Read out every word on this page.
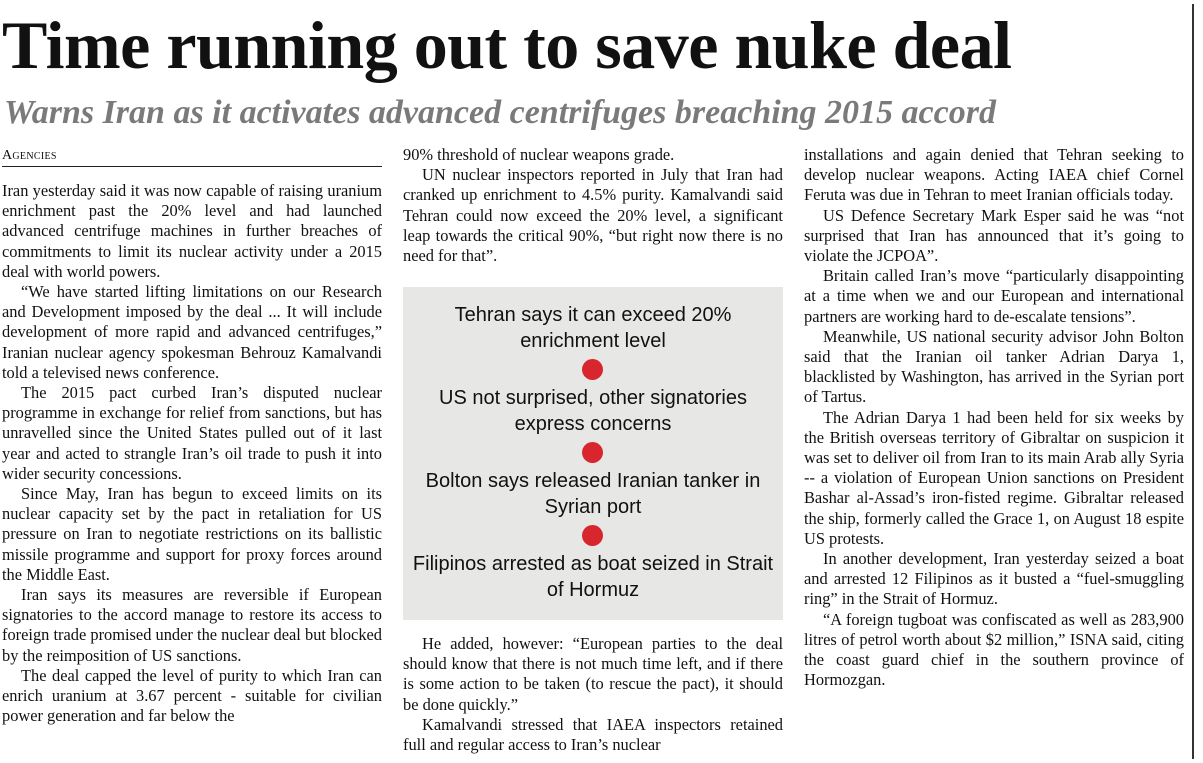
Time running out to save nuke deal
Warns Iran as it activates advanced centrifuges breaching 2015 accord
Agencies

Iran yesterday said it was now capable of raising uranium enrichment past the 20% level and had launched advanced centrifuge machines in further breaches of commitments to limit its nuclear activity under a 2015 deal with world powers.

“We have started lifting limitations on our Research and Development imposed by the deal ... It will include development of more rapid and advanced centrifuges,” Iranian nuclear agency spokesman Behrouz Kamalvandi told a televised news conference.

The 2015 pact curbed Iran’s disputed nuclear programme in exchange for relief from sanctions, but has unravelled since the United States pulled out of it last year and acted to strangle Iran’s oil trade to push it into wider security concessions.

Since May, Iran has begun to exceed limits on its nuclear capacity set by the pact in retaliation for US pressure on Iran to negotiate restrictions on its ballistic missile programme and support for proxy forces around the Middle East.

Iran says its measures are reversible if European signatories to the accord manage to restore its access to foreign trade promised under the nuclear deal but blocked by the reimposition of US sanctions.

The deal capped the level of purity to which Iran can enrich uranium at 3.67 percent - suitable for civilian power generation and far below the

90% threshold of nuclear weapons grade.

UN nuclear inspectors reported in July that Iran had cranked up enrichment to 4.5% purity. Kamalvandi said Tehran could now exceed the 20% level, a significant leap towards the critical 90%, “but right now there is no need for that”.

Tehran says it can exceed 20% enrichment level
US not surprised, other signatories express concerns
Bolton says released Iranian tanker in Syrian port
Filipinos arrested as boat seized in Strait of Hormuz

He added, however: “European parties to the deal should know that there is not much time left, and if there is some action to be taken (to rescue the pact), it should be done quickly.”

Kamalvandi stressed that IAEA inspectors retained full and regular access to Iran’s nuclear

installations and again denied that Tehran seeking to develop nuclear weapons. Acting IAEA chief Cornel Feruta was due in Tehran to meet Iranian officials today.

US Defence Secretary Mark Esper said he was “not surprised that Iran has announced that it’s going to violate the JCPOA”.

Britain called Iran’s move “particularly disappointing at a time when we and our European and international partners are working hard to de-escalate tensions”.

Meanwhile, US national security advisor John Bolton said that the Iranian oil tanker Adrian Darya 1, blacklisted by Washington, has arrived in the Syrian port of Tartus.

The Adrian Darya 1 had been held for six weeks by the British overseas territory of Gibraltar on suspicion it was set to deliver oil from Iran to its main Arab ally Syria -- a violation of European Union sanctions on President Bashar al-Assad’s iron-fisted regime. Gibraltar released the ship, formerly called the Grace 1, on August 18 espite US protests.

In another development, Iran yesterday seized a boat and arrested 12 Filipinos as it busted a “fuel-smuggling ring” in the Strait of Hormuz.

“A foreign tugboat was confiscated as well as 283,900 litres of petrol worth about $2 million,” ISNA said, citing the coast guard chief in the southern province of Hormozgan.
